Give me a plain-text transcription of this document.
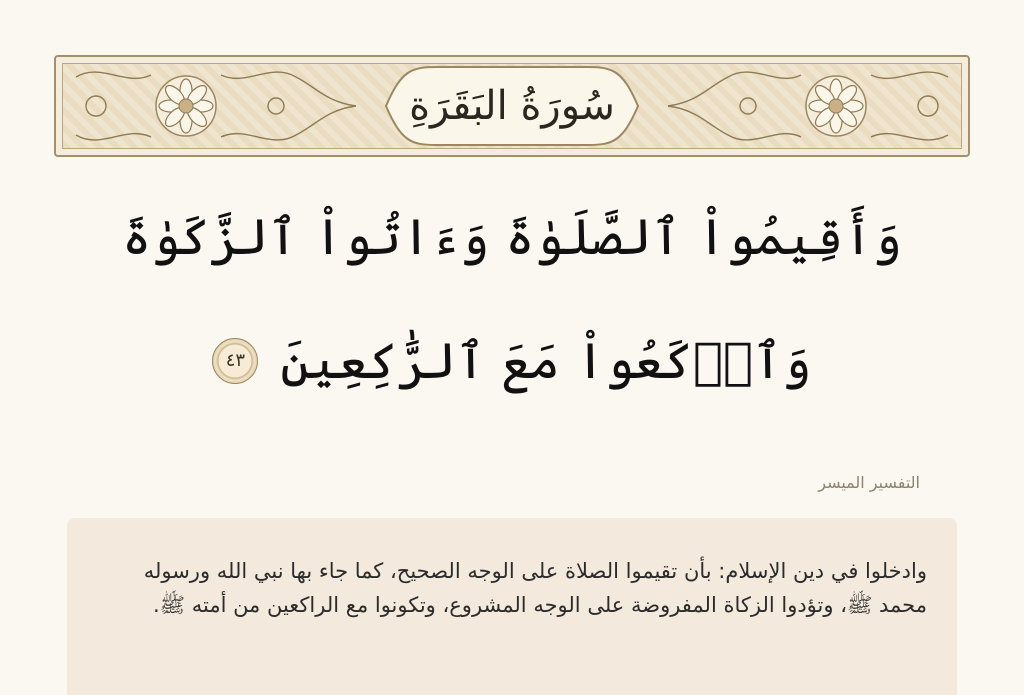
سُورَةُ البَقَرَةِ
وَأَقِيمُواْ ٱلصَّلَوٰةَ وَءَاتُواْ ٱلزَّكَوٰةَ
وَٱرۡكَعُواْ مَعَ ٱلرَّٰكِعِينَ ٤٣
التفسير الميسر
وادخلوا في دين الإسلام: بأن تقيموا الصلاة على الوجه الصحيح، كما جاء بها نبي الله ورسوله محمد ﷺ، وتؤدوا الزكاة المفروضة على الوجه المشروع، وتكونوا مع الراكعين من أمته ﷺ.
